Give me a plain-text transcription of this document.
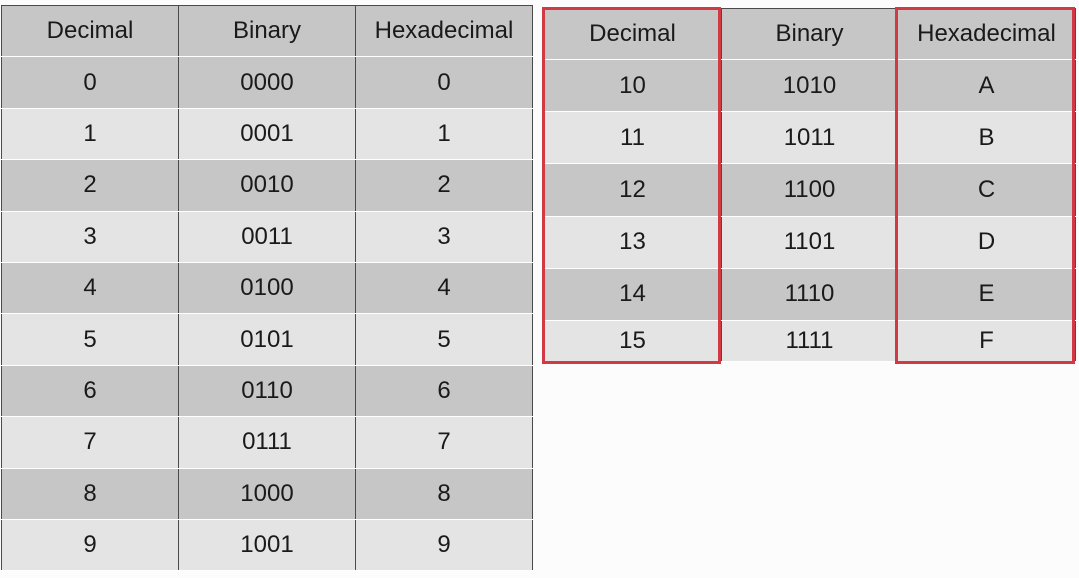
Decimal	Binary	Hexadecimal
0	0000	0
1	0001	1
2	0010	2
3	0011	3
4	0100	4
5	0101	5
6	0110	6
7	0111	7
8	1000	8
9	1001	9
Decimal	Binary	Hexadecimal
10	1010	A
11	1011	B
12	1100	C
13	1101	D
14	1110	E
15	1111	F
